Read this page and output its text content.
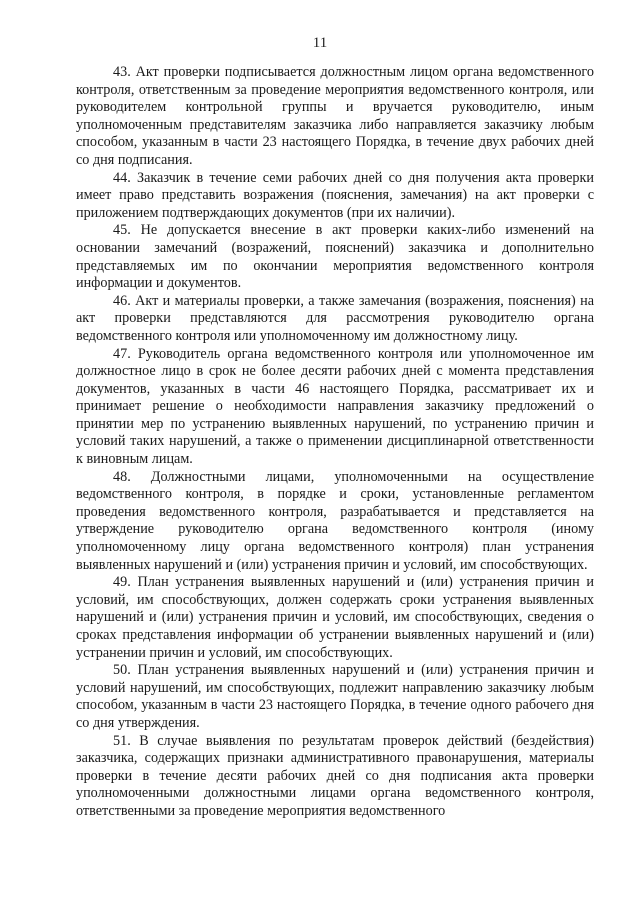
11

43. Акт проверки подписывается должностным лицом органа ведомственного контроля, ответственным за проведение мероприятия ведомственного контроля, или руководителем контрольной группы и вручается руководителю, иным уполномоченным представителям заказчика либо направляется заказчику любым способом, указанным в части 23 настоящего Порядка, в течение двух рабочих дней со дня подписания.

44. Заказчик в течение семи рабочих дней со дня получения акта проверки имеет право представить возражения (пояснения, замечания) на акт проверки с приложением подтверждающих документов (при их наличии).

45. Не допускается внесение в акт проверки каких-либо изменений на основании замечаний (возражений, пояснений) заказчика и дополнительно представляемых им по окончании мероприятия ведомственного контроля информации и документов.

46. Акт и материалы проверки, а также замечания (возражения, пояснения) на акт проверки представляются для рассмотрения руководителю органа ведомственного контроля или уполномоченному им должностному лицу.

47. Руководитель органа ведомственного контроля или уполномоченное им должностное лицо в срок не более десяти рабочих дней с момента представления документов, указанных в части 46 настоящего Порядка, рассматривает их и принимает решение о необходимости направления заказчику предложений о принятии мер по устранению выявленных нарушений, по устранению причин и условий таких нарушений, а также о применении дисциплинарной ответственности к виновным лицам.

48. Должностными лицами, уполномоченными на осуществление ведомственного контроля, в порядке и сроки, установленные регламентом проведения ведомственного контроля, разрабатывается и представляется на утверждение руководителю органа ведомственного контроля (иному уполномоченному лицу органа ведомственного контроля) план устранения выявленных нарушений и (или) устранения причин и условий, им способствующих.

49. План устранения выявленных нарушений и (или) устранения причин и условий, им способствующих, должен содержать сроки устранения выявленных нарушений и (или) устранения причин и условий, им способствующих, сведения о сроках представления информации об устранении выявленных нарушений и (или) устранении причин и условий, им способствующих.

50. План устранения выявленных нарушений и (или) устранения причин и условий нарушений, им способствующих, подлежит направлению заказчику любым способом, указанным в части 23 настоящего Порядка, в течение одного рабочего дня со дня утверждения.

51. В случае выявления по результатам проверок действий (бездействия) заказчика, содержащих признаки административного правонарушения, материалы проверки в течение десяти рабочих дней со дня подписания акта проверки уполномоченными должностными лицами органа ведомственного контроля, ответственными за проведение мероприятия ведомственного
